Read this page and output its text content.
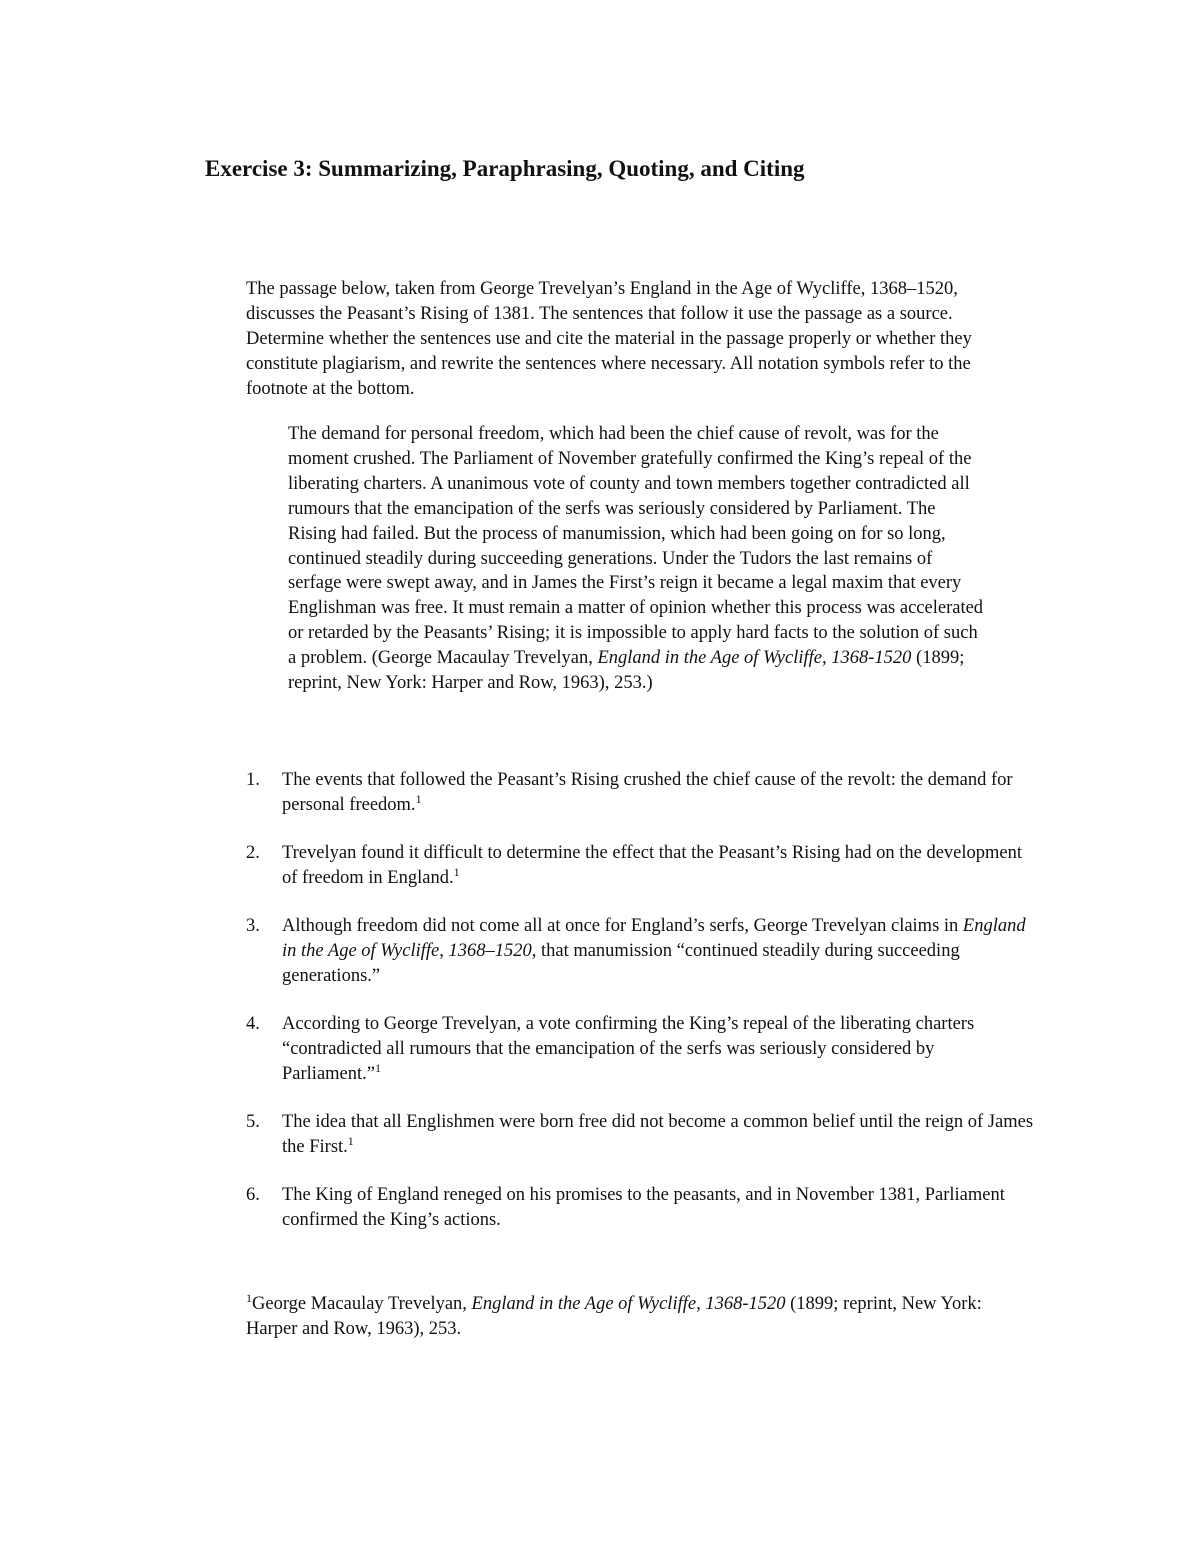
Exercise 3: Summarizing, Paraphrasing, Quoting, and Citing

The passage below, taken from George Trevelyan’s England in the Age of Wycliffe, 1368–1520, discusses the Peasant’s Rising of 1381. The sentences that follow it use the passage as a source. Determine whether the sentences use and cite the material in the passage properly or whether they constitute plagiarism, and rewrite the sentences where necessary. All notation symbols refer to the footnote at the bottom.

The demand for personal freedom, which had been the chief cause of revolt, was for the moment crushed. The Parliament of November gratefully confirmed the King’s repeal of the liberating charters. A unanimous vote of county and town members together contradicted all rumours that the emancipation of the serfs was seriously considered by Parliament. The Rising had failed. But the process of manumission, which had been going on for so long, continued steadily during succeeding generations. Under the Tudors the last remains of serfage were swept away, and in James the First’s reign it became a legal maxim that every Englishman was free. It must remain a matter of opinion whether this process was accelerated or retarded by the Peasants’ Rising; it is impossible to apply hard facts to the solution of such a problem. (George Macaulay Trevelyan, England in the Age of Wycliffe, 1368-1520 (1899; reprint, New York: Harper and Row, 1963), 253.)

1.	The events that followed the Peasant’s Rising crushed the chief cause of the revolt: the demand for personal freedom.$^1$
2.	Trevelyan found it difficult to determine the effect that the Peasant’s Rising had on the development of freedom in England.$^1$
3.	Although freedom did not come all at once for England’s serfs, George Trevelyan claims in England in the Age of Wycliffe, 1368–1520, that manumission “continued steadily during succeeding generations.”
4.	According to George Trevelyan, a vote confirming the King’s repeal of the liberating charters “contradicted all rumours that the emancipation of the serfs was seriously considered by Parliament.”$^1$
5.	The idea that all Englishmen were born free did not become a common belief until the reign of James the First.$^1$
6.	The King of England reneged on his promises to the peasants, and in November 1381, Parliament confirmed the King’s actions.

$^1$George Macaulay Trevelyan, England in the Age of Wycliffe, 1368-1520 (1899; reprint, New York: Harper and Row, 1963), 253.
